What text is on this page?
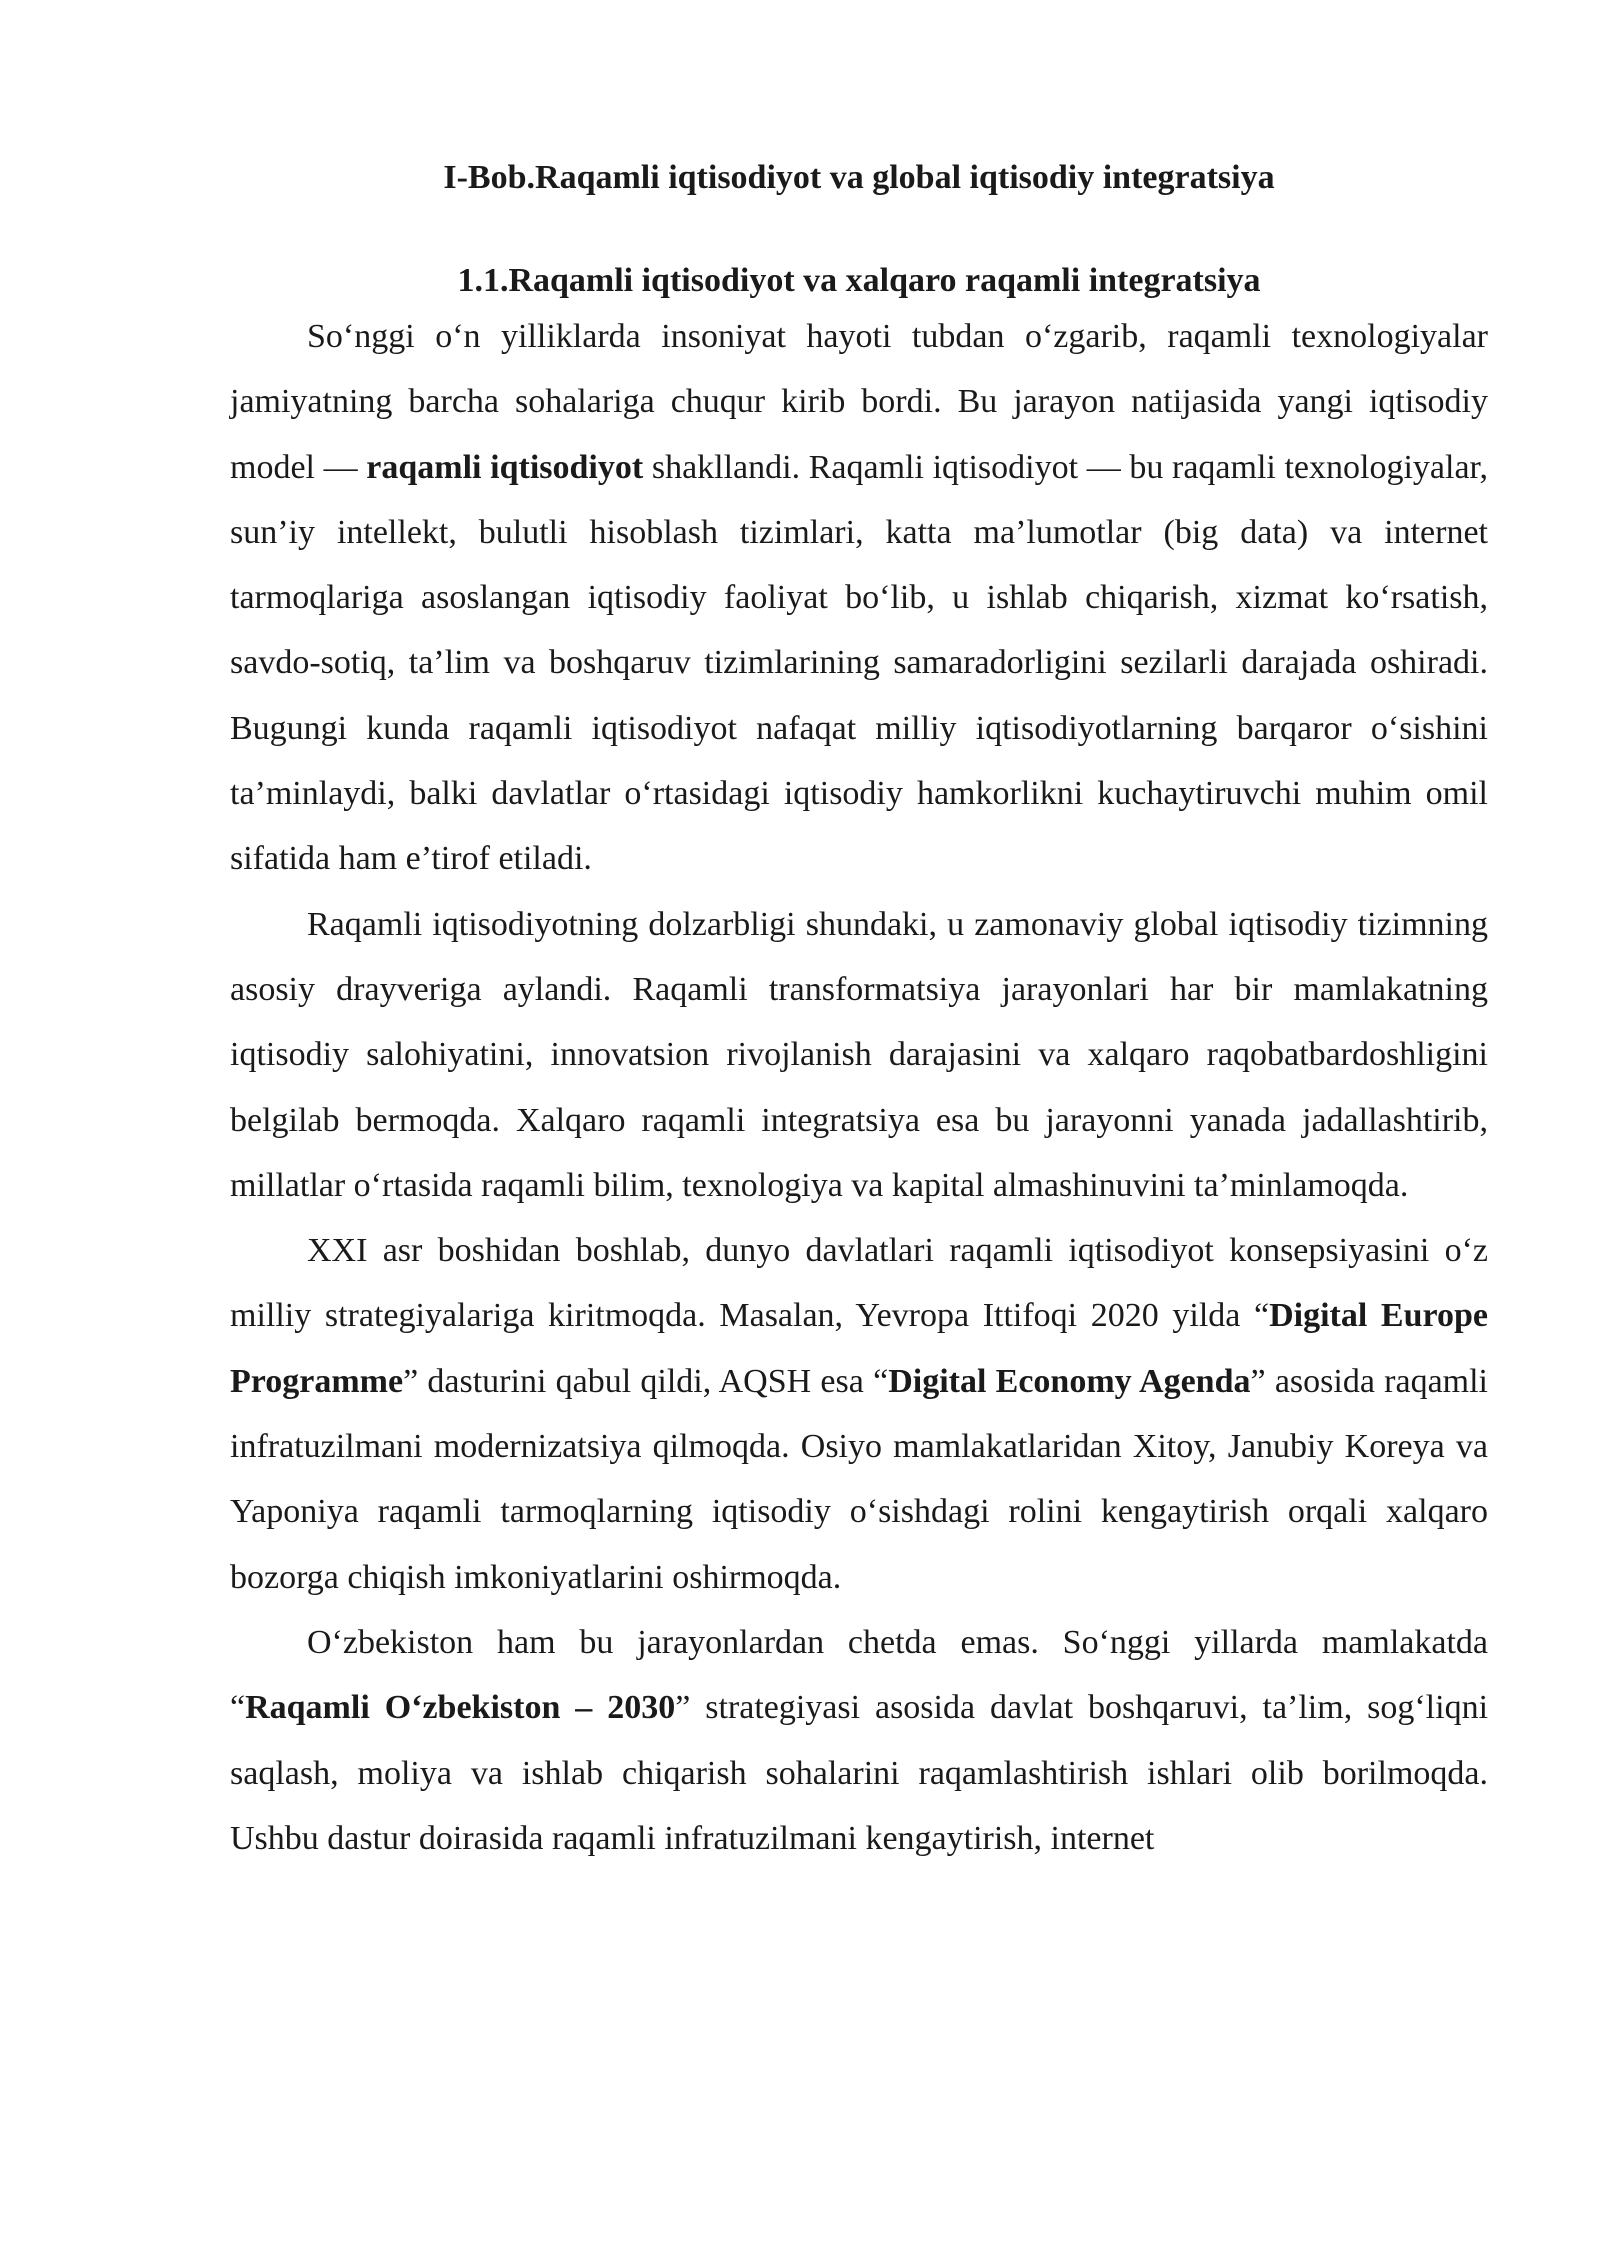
I-Bob.Raqamli iqtisodiyot va global iqtisodiy integratsiya
1.1.Raqamli iqtisodiyot va xalqaro raqamli integratsiya

So‘nggi o‘n yilliklarda insoniyat hayoti tubdan o‘zgarib, raqamli texnologiyalar jamiyatning barcha sohalariga chuqur kirib bordi. Bu jarayon natijasida yangi iqtisodiy model — raqamli iqtisodiyot shakllandi. Raqamli iqtisodiyot — bu raqamli texnologiyalar, sun’iy intellekt, bulutli hisoblash tizimlari, katta ma’lumotlar (big data) va internet tarmoqlariga asoslangan iqtisodiy faoliyat bo‘lib, u ishlab chiqarish, xizmat ko‘rsatish, savdo-sotiq, ta’lim va boshqaruv tizimlarining samaradorligini sezilarli darajada oshiradi. Bugungi kunda raqamli iqtisodiyot nafaqat milliy iqtisodiyotlarning barqaror o‘sishini ta’minlaydi, balki davlatlar o‘rtasidagi iqtisodiy hamkorlikni kuchaytiruvchi muhim omil sifatida ham e’tirof etiladi.

Raqamli iqtisodiyotning dolzarbligi shundaki, u zamonaviy global iqtisodiy tizimning asosiy drayveriga aylandi. Raqamli transformatsiya jarayonlari har bir mamlakatning iqtisodiy salohiyatini, innovatsion rivojlanish darajasini va xalqaro raqobatbardoshligini belgilab bermoqda. Xalqaro raqamli integratsiya esa bu jarayonni yanada jadallashtirib, millatlar o‘rtasida raqamli bilim, texnologiya va kapital almashinuvini ta’minlamoqda.

XXI asr boshidan boshlab, dunyo davlatlari raqamli iqtisodiyot konsepsiyasini o‘z milliy strategiyalariga kiritmoqda. Masalan, Yevropa Ittifoqi 2020 yilda “Digital Europe Programme” dasturini qabul qildi, AQSH esa “Digital Economy Agenda” asosida raqamli infratuzilmani modernizatsiya qilmoqda. Osiyo mamlakatlaridan Xitoy, Janubiy Koreya va Yaponiya raqamli tarmoqlarning iqtisodiy o‘sishdagi rolini kengaytirish orqali xalqaro bozorga chiqish imkoniyatlarini oshirmoqda.

O‘zbekiston ham bu jarayonlardan chetda emas. So‘nggi yillarda mamlakatda “Raqamli O‘zbekiston – 2030” strategiyasi asosida davlat boshqaruvi, ta’lim, sog‘liqni saqlash, moliya va ishlab chiqarish sohalarini raqamlashtirish ishlari olib borilmoqda. Ushbu dastur doirasida raqamli infratuzilmani kengaytirish, internet
